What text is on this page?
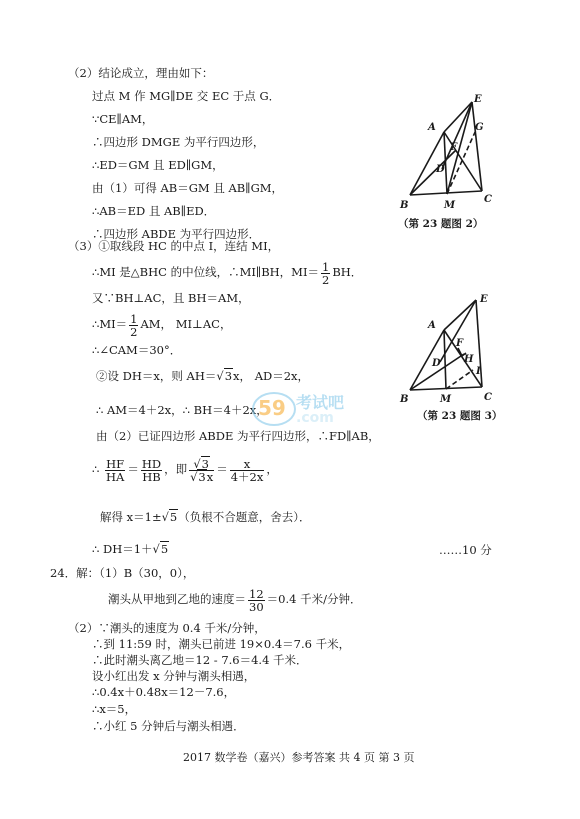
（2）结论成立，理由如下：
过点 M 作 MG∥DE 交 EC 于点 G．
∵CE∥AM，
∴四边形 DMGE 为平行四边形，
∴ED＝GM 且 ED∥GM，
由（1）可得 AB＝GM 且 AB∥GM，
∴AB＝ED 且 AB∥ED．
∴四边形 ABDE 为平行四边形．
A
B
C
D
E
F
G
M
（第 23 题图 2）
（3）①取线段 HC 的中点 I，连结 MI，
∴MI 是△BHC 的中位线，∴MI∥BH，$MI= \frac{1}{2}$ BH．
又∵BH⊥AC，且 BH＝AM，
∴MI＝ $\frac{1}{2}$ AM， MI⊥AC，
∴∠CAM＝30°．
②设 DH＝x，则 AH＝√3x， AD＝2x，
∴ AM＝4＋2x，∴ BH＝4＋2x，
由（2）已证四边形 ABDE 为平行四边形，∴FD∥AB，
∴ $\frac{HF}{HA} = \frac{HD}{HB}$ ，即 $\frac{√3}{√3x} = \frac{x}{4+2x}$ ，
解得 x＝1±√5（负根不合题意，舍去）．
∴ DH＝1＋√5	……10 分
A
B	C
D
E
F
H
I
M
（第 23 题图 3）
59 考试吧
.com
24．解：（1）B（30，0），
潮头从甲地到乙地的速度＝ $\frac{12}{30} =0.4$ 千米/分钟．
（2）∵潮头的速度为 0.4 千米/分钟，
∴到 11:59 时，潮头已前进 19×0.4＝7.6 千米，
∴此时潮头离乙地＝12 - 7.6＝4.4 千米．
设小红出发 x 分钟与潮头相遇，
∴0.4x＋0.48x＝12－7.6，
∴x＝5，
∴小红 5 分钟后与潮头相遇．
2017 数学卷（嘉兴）参考答案 共 4 页 第 3 页
